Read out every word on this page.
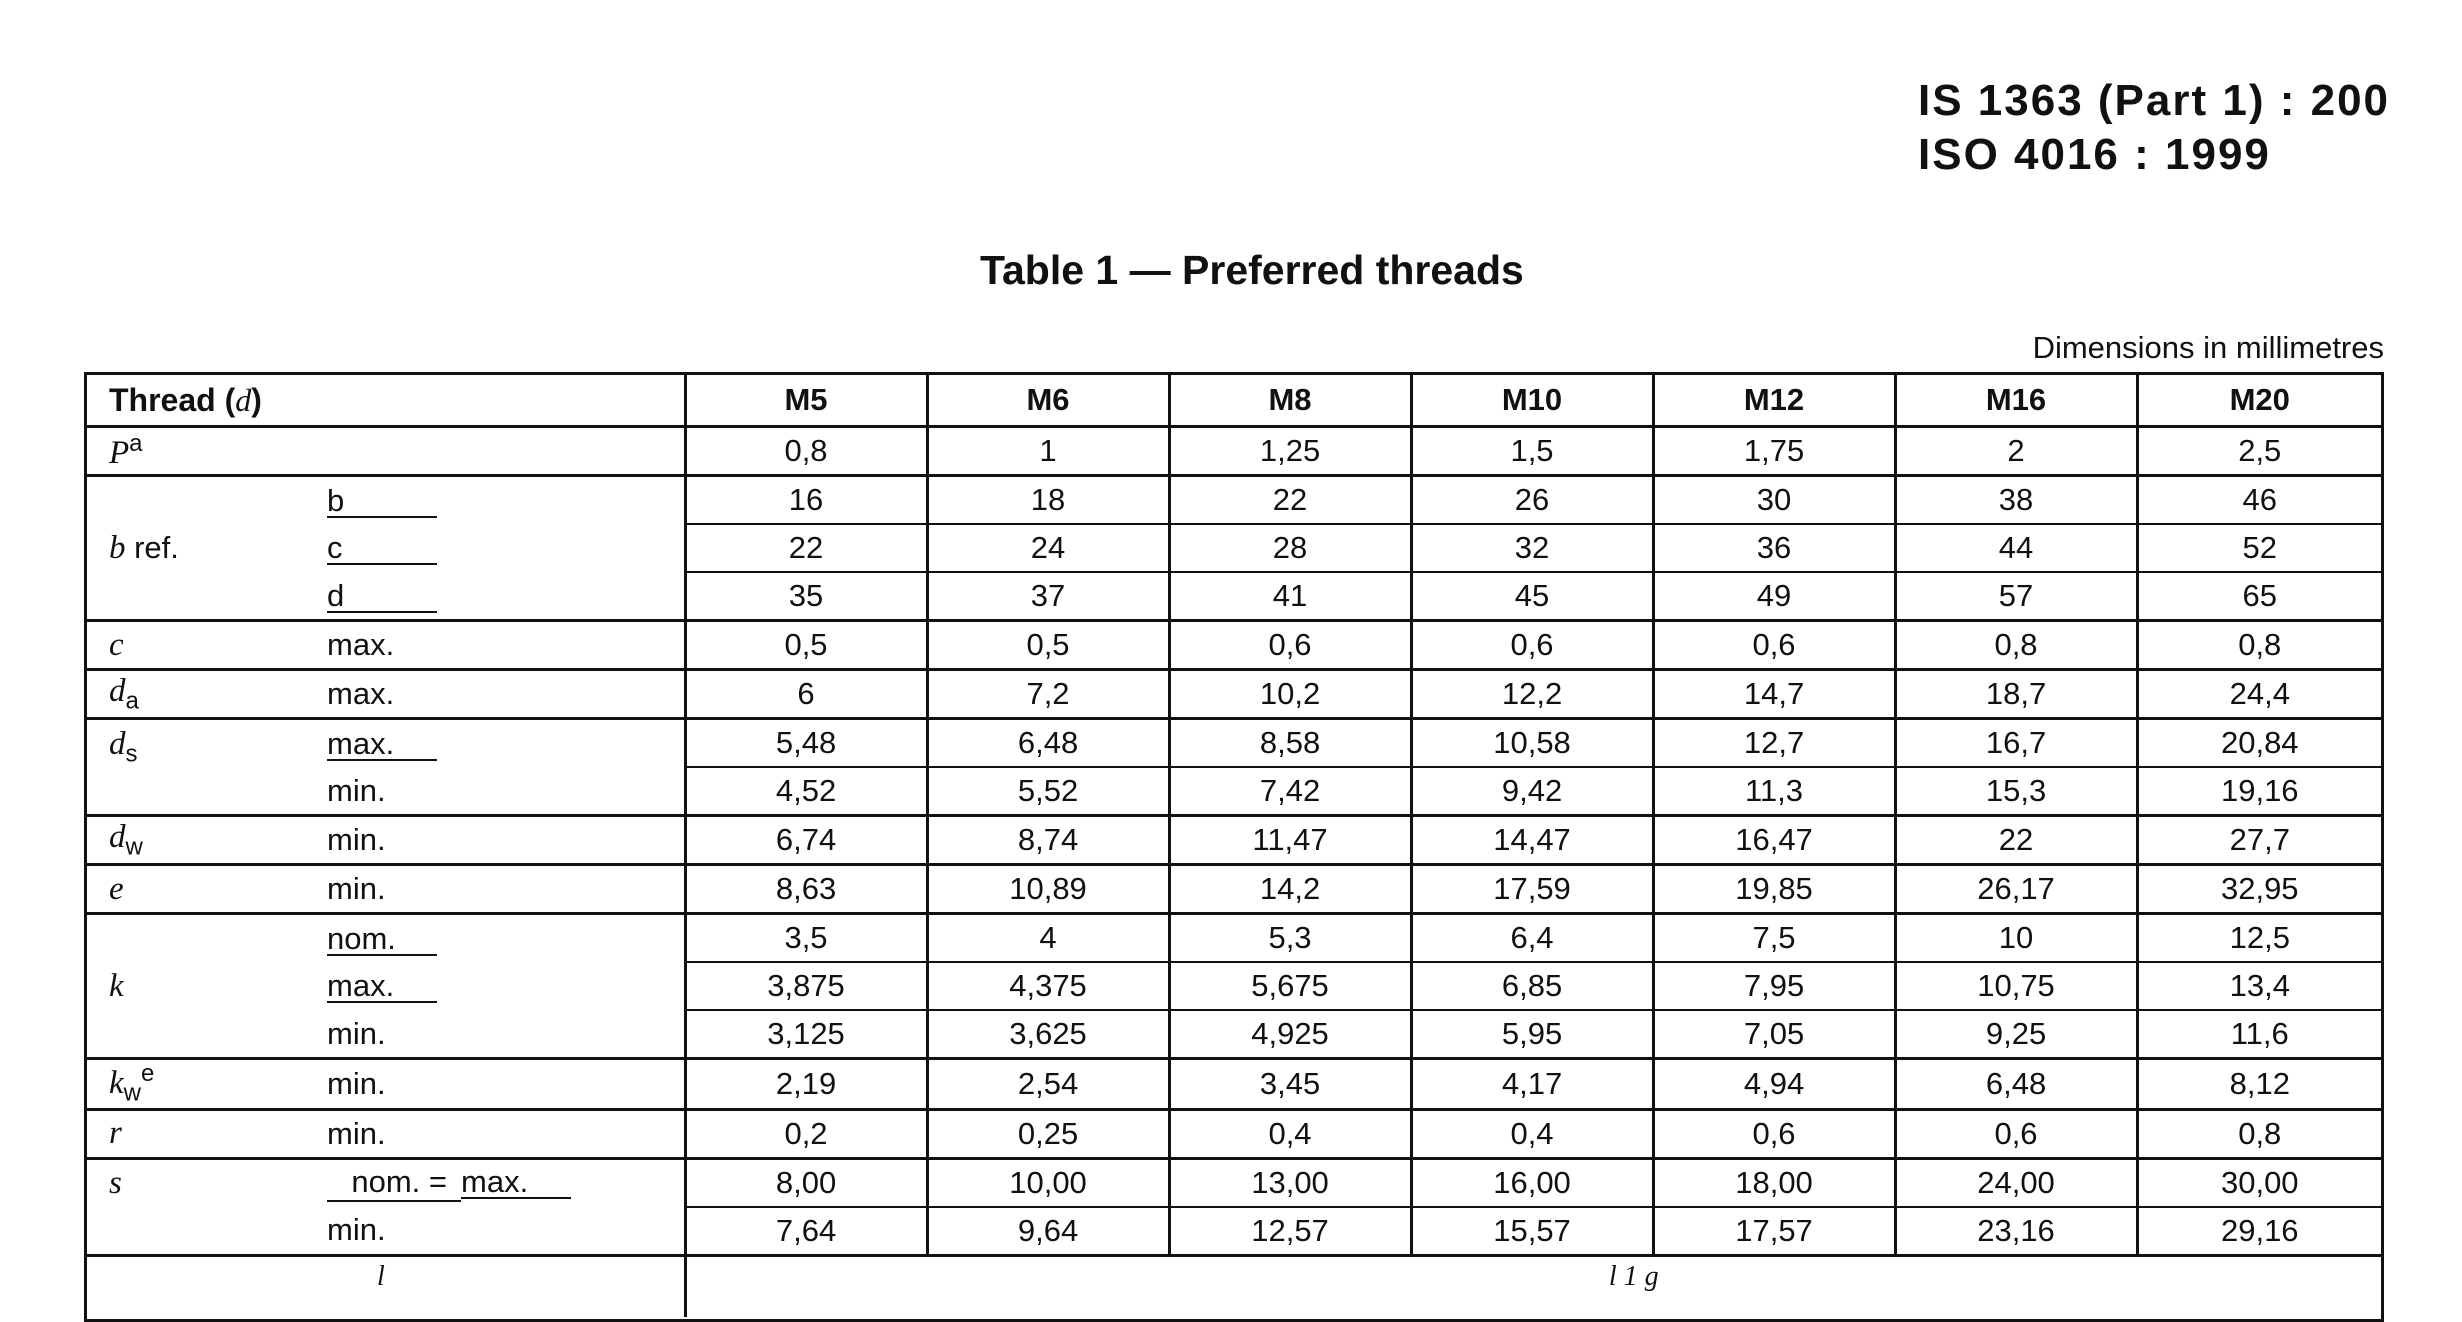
IS 1363 (Part 1) : 200
ISO 4016 : 1999
Table 1 — Preferred threads
Dimensions in millimetres
Thread (d)		M5	M6	M8	M10	M12	M16	M20
$P^a$		0,8	1	1,25	1,5	1,75	2	2,5
b ref.	b	16	18	22	26	30	38	46
	c	22	24	28	32	36	44	52
	d	35	37	41	45	49	57	65
c	max.	0,5	0,5	0,6	0,6	0,6	0,8	0,8
$d_a$	max.	6	7,2	10,2	12,2	14,7	18,7	24,4
$d_s$	max.	5,48	6,48	8,58	10,58	12,7	16,7	20,84
	min.	4,52	5,52	7,42	9,42	11,3	15,3	19,16
$d_w$	min.	6,74	8,74	11,47	14,47	16,47	22	27,7
e	min.	8,63	10,89	14,2	17,59	19,85	26,17	32,95
k	nom.	3,5	4	5,3	6,4	7,5	10	12,5
	max.	3,875	4,375	5,675	6,85	7,95	10,75	13,4
	min.	3,125	3,625	4,925	5,95	7,05	9,25	11,6
$k_w^e$	min.	2,19	2,54	3,45	4,17	4,94	6,48	8,12
r	min.	0,2	0,25	0,4	0,4	0,6	0,6	0,8
s	nom. = max.	8,00	10,00	13,00	16,00	18,00	24,00	30,00
	min.	7,64	9,64	12,57	15,57	17,57	23,16	29,16
l		l 1 g						
